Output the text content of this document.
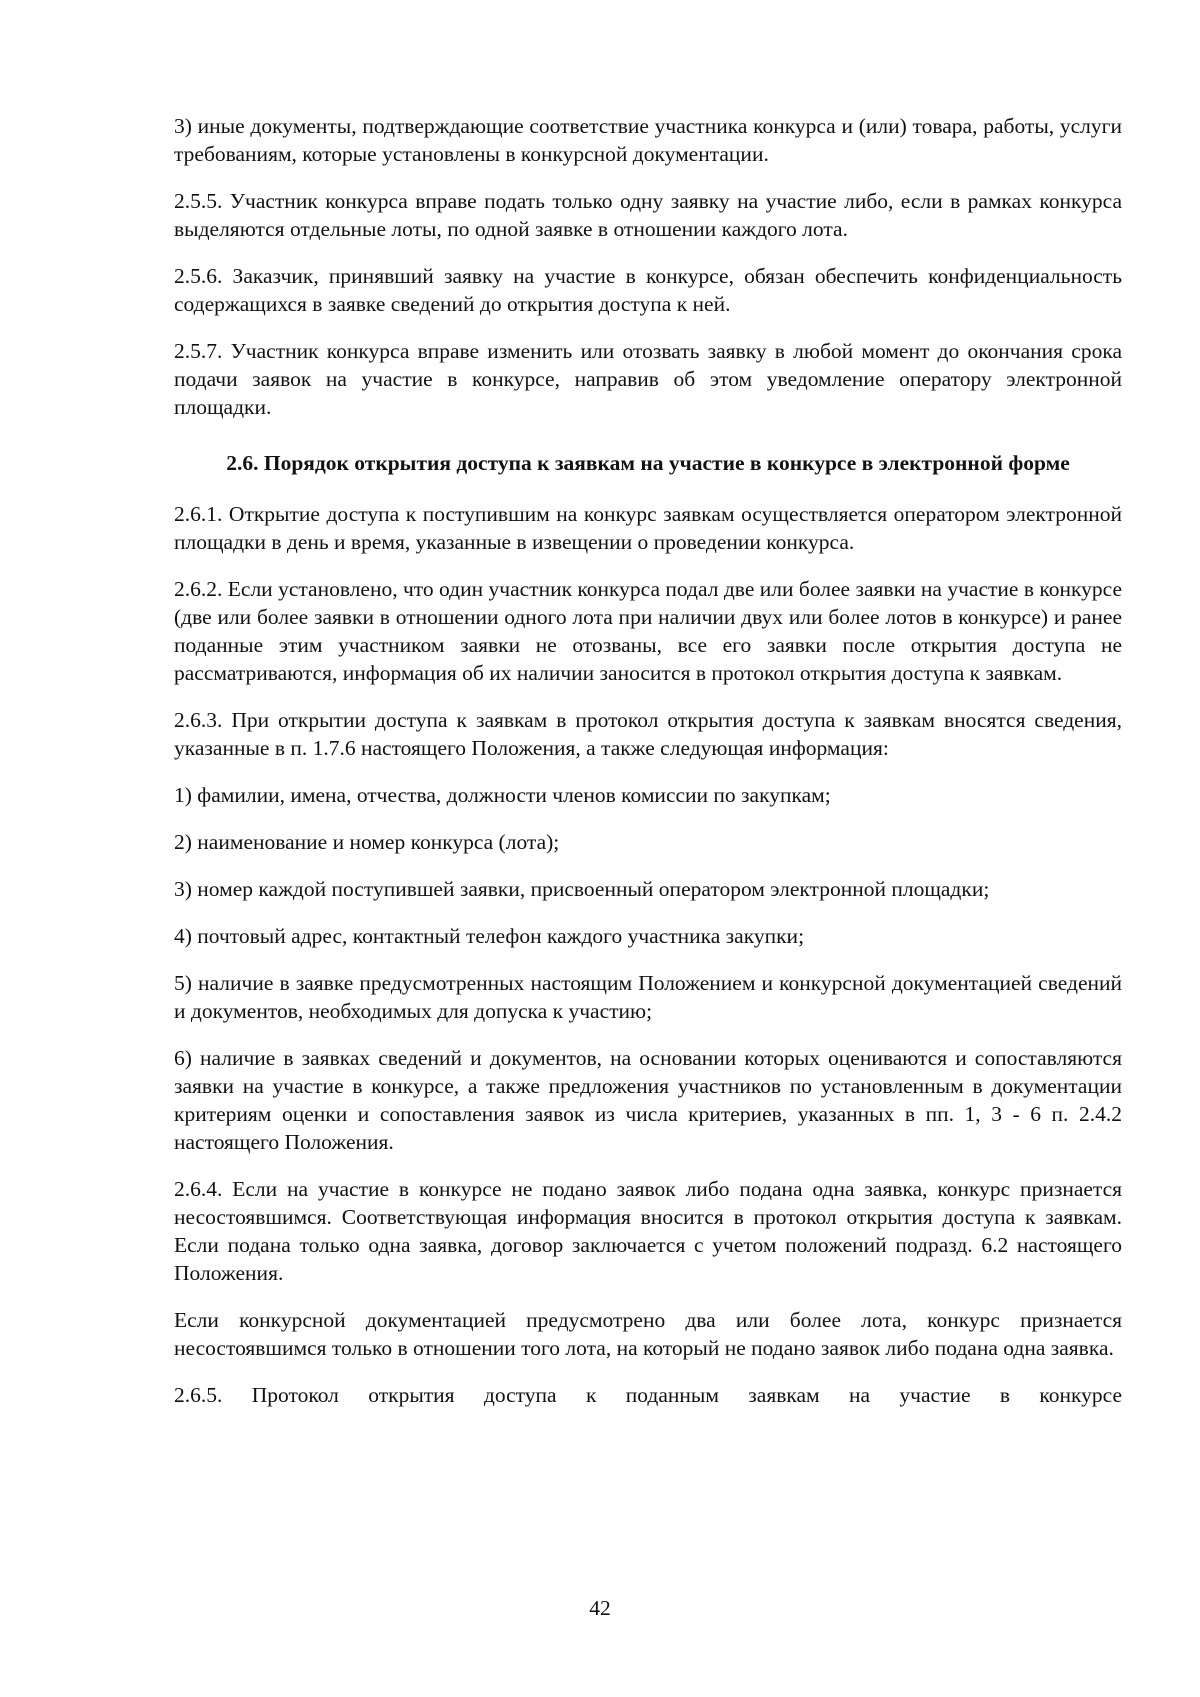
3) иные документы, подтверждающие соответствие участника конкурса и (или) товара, работы, услуги требованиям, которые установлены в конкурсной документации.

2.5.5. Участник конкурса вправе подать только одну заявку на участие либо, если в рамках конкурса выделяются отдельные лоты, по одной заявке в отношении каждого лота.

2.5.6. Заказчик, принявший заявку на участие в конкурсе, обязан обеспечить конфиденциальность содержащихся в заявке сведений до открытия доступа к ней.

2.5.7. Участник конкурса вправе изменить или отозвать заявку в любой момент до окончания срока подачи заявок на участие в конкурсе, направив об этом уведомление оператору электронной площадки.

2.6. Порядок открытия доступа к заявкам на участие в конкурсе в электронной форме

2.6.1. Открытие доступа к поступившим на конкурс заявкам осуществляется оператором электронной площадки в день и время, указанные в извещении о проведении конкурса.

2.6.2. Если установлено, что один участник конкурса подал две или более заявки на участие в конкурсе (две или более заявки в отношении одного лота при наличии двух или более лотов в конкурсе) и ранее поданные этим участником заявки не отозваны, все его заявки после открытия доступа не рассматриваются, информация об их наличии заносится в протокол открытия доступа к заявкам.

2.6.3. При открытии доступа к заявкам в протокол открытия доступа к заявкам вносятся сведения, указанные в п. 1.7.6 настоящего Положения, а также следующая информация:

1) фамилии, имена, отчества, должности членов комиссии по закупкам;

2) наименование и номер конкурса (лота);

3) номер каждой поступившей заявки, присвоенный оператором электронной площадки;

4) почтовый адрес, контактный телефон каждого участника закупки;

5) наличие в заявке предусмотренных настоящим Положением и конкурсной документацией сведений и документов, необходимых для допуска к участию;

6) наличие в заявках сведений и документов, на основании которых оцениваются и сопоставляются заявки на участие в конкурсе, а также предложения участников по установленным в документации критериям оценки и сопоставления заявок из числа критериев, указанных в пп. 1, 3 - 6 п. 2.4.2 настоящего Положения.

2.6.4. Если на участие в конкурсе не подано заявок либо подана одна заявка, конкурс признается несостоявшимся. Соответствующая информация вносится в протокол открытия доступа к заявкам. Если подана только одна заявка, договор заключается с учетом положений подразд. 6.2 настоящего Положения.

Если конкурсной документацией предусмотрено два или более лота, конкурс признается несостоявшимся только в отношении того лота, на который не подано заявок либо подана одна заявка.

2.6.5. Протокол открытия доступа к поданным заявкам на участие в конкурсе

42
